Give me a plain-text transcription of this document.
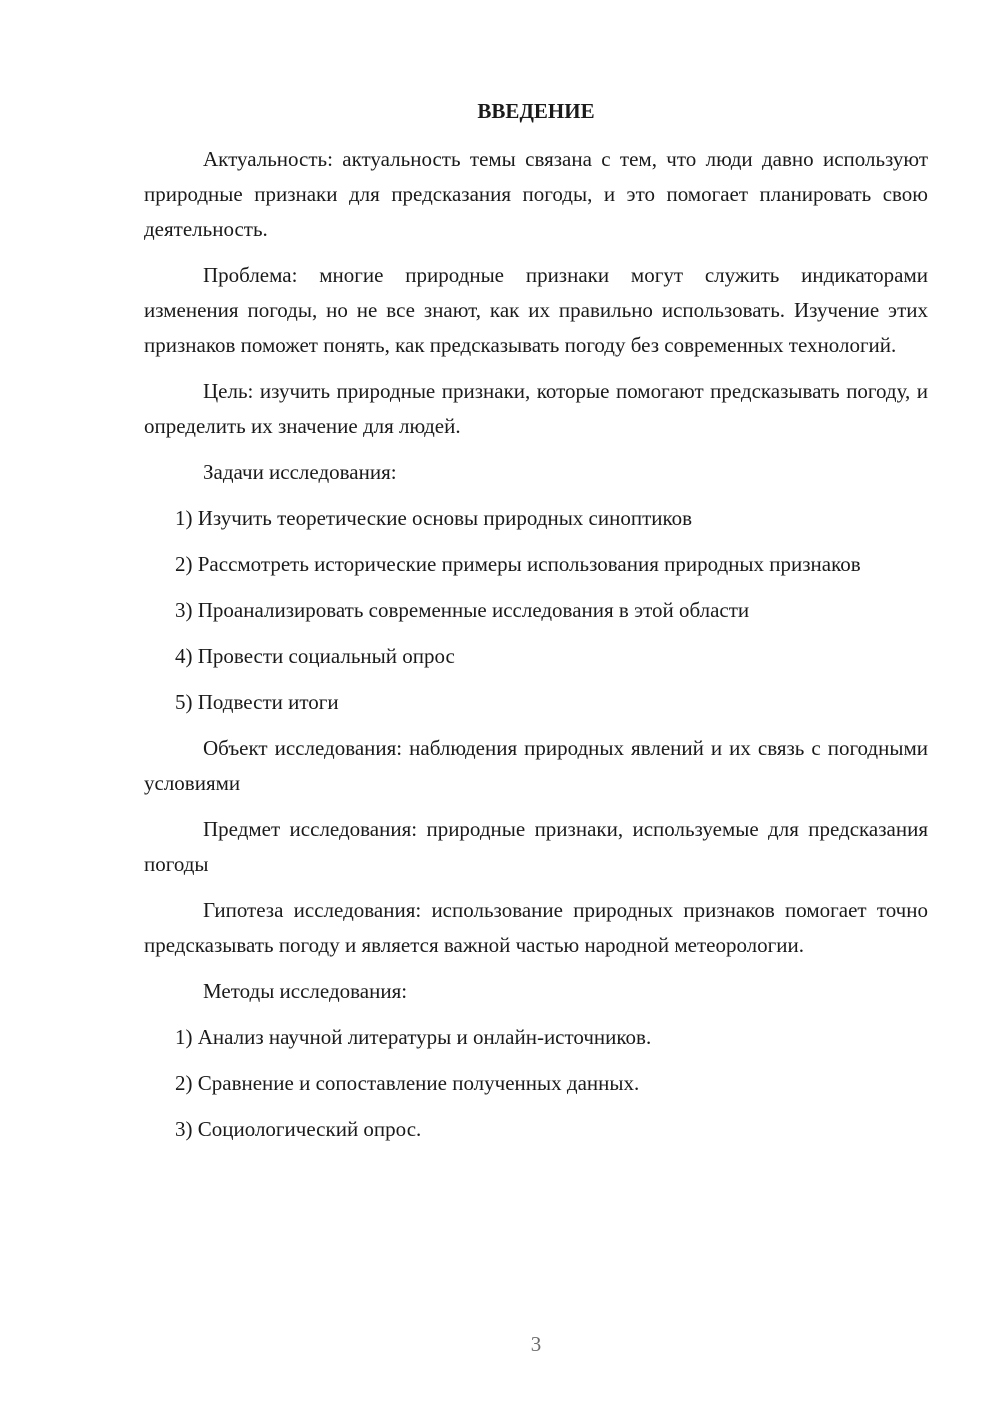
ВВЕДЕНИЕ

Актуальность: актуальность темы связана с тем, что люди давно используют природные признаки для предсказания погоды, и это помогает планировать свою деятельность.

Проблема: многие природные признаки могут служить индикаторами изменения погоды, но не все знают, как их правильно использовать. Изучение этих признаков поможет понять, как предсказывать погоду без современных технологий.

Цель: изучить природные признаки, которые помогают предсказывать погоду, и определить их значение для людей.

Задачи исследования:

1) Изучить теоретические основы природных синоптиков

2) Рассмотреть исторические примеры использования природных признаков

3) Проанализировать современные исследования в этой области

4) Провести социальный опрос

5) Подвести итоги

Объект исследования: наблюдения природных явлений и их связь с погодными условиями

Предмет исследования: природные признаки, используемые для предсказания погоды

Гипотеза исследования: использование природных признаков помогает точно предсказывать погоду и является важной частью народной метеорологии.

Методы исследования:

1) Анализ научной литературы и онлайн-источников.

2) Сравнение и сопоставление полученных данных.

3) Социологический опрос.

3
